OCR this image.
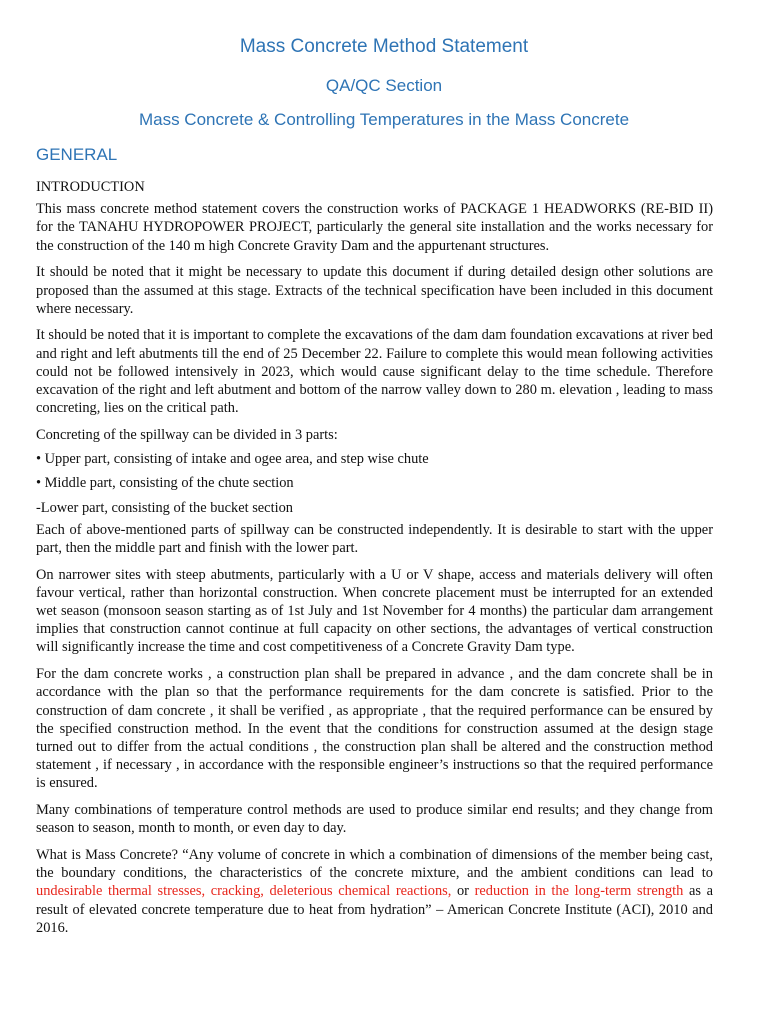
Mass Concrete Method Statement
QA/QC Section
Mass Concrete & Controlling Temperatures in the Mass Concrete
GENERAL

INTRODUCTION

This mass concrete method statement covers the construction works of PACKAGE 1 HEADWORKS (RE-BID II) for the TANAHU HYDROPOWER PROJECT, particularly the general site installation and the works necessary for the construction of the 140 m high Concrete Gravity Dam and the appurtenant structures.

It should be noted that it might be necessary to update this document if during detailed design other solutions are proposed than the assumed at this stage. Extracts of the technical specification have been included in this document where necessary.

It should be noted that it is important to complete the excavations of the dam dam foundation excavations at river bed and right and left abutments till the end of 25 December 22. Failure to complete this would mean following activities could not be followed intensively in 2023, which would cause significant delay to the time schedule. Therefore excavation of the right and left abutment and bottom of the narrow valley down to 280 m. elevation , leading to mass concreting, lies on the critical path.

Concreting of the spillway can be divided in 3 parts:

• Upper part, consisting of intake and ogee area, and step wise chute

• Middle part, consisting of the chute section

-Lower part, consisting of the bucket section

Each of above-mentioned parts of spillway can be constructed independently. It is desirable to start with the upper part, then the middle part and finish with the lower part.

On narrower sites with steep abutments, particularly with a U or V shape, access and materials delivery will often favour vertical, rather than horizontal construction. When concrete placement must be interrupted for an extended wet season (monsoon season starting as of 1st July and 1st November for 4 months) the particular dam arrangement implies that construction cannot continue at full capacity on other sections, the advantages of vertical construction will significantly increase the time and cost competitiveness of a Concrete Gravity Dam type.

For the dam concrete works , a construction plan shall be prepared in advance , and the dam concrete shall be in accordance with the plan so that the performance requirements for the dam concrete is satisfied. Prior to the construction of dam concrete , it shall be verified , as appropriate , that the required performance can be ensured by the specified construction method. In the event that the conditions for construction assumed at the design stage turned out to differ from the actual conditions , the construction plan shall be altered and the construction method statement , if necessary , in accordance with the responsible engineer’s instructions so that the required performance is ensured.

Many combinations of temperature control methods are used to produce similar end results; and they change from season to season, month to month, or even day to day.

What is Mass Concrete? “Any volume of concrete in which a combination of dimensions of the member being cast, the boundary conditions, the characteristics of the concrete mixture, and the ambient conditions can lead to undesirable thermal stresses, cracking, deleterious chemical reactions, or reduction in the long-term strength as a result of elevated concrete temperature due to heat from hydration” – American Concrete Institute (ACI), 2010 and 2016.
